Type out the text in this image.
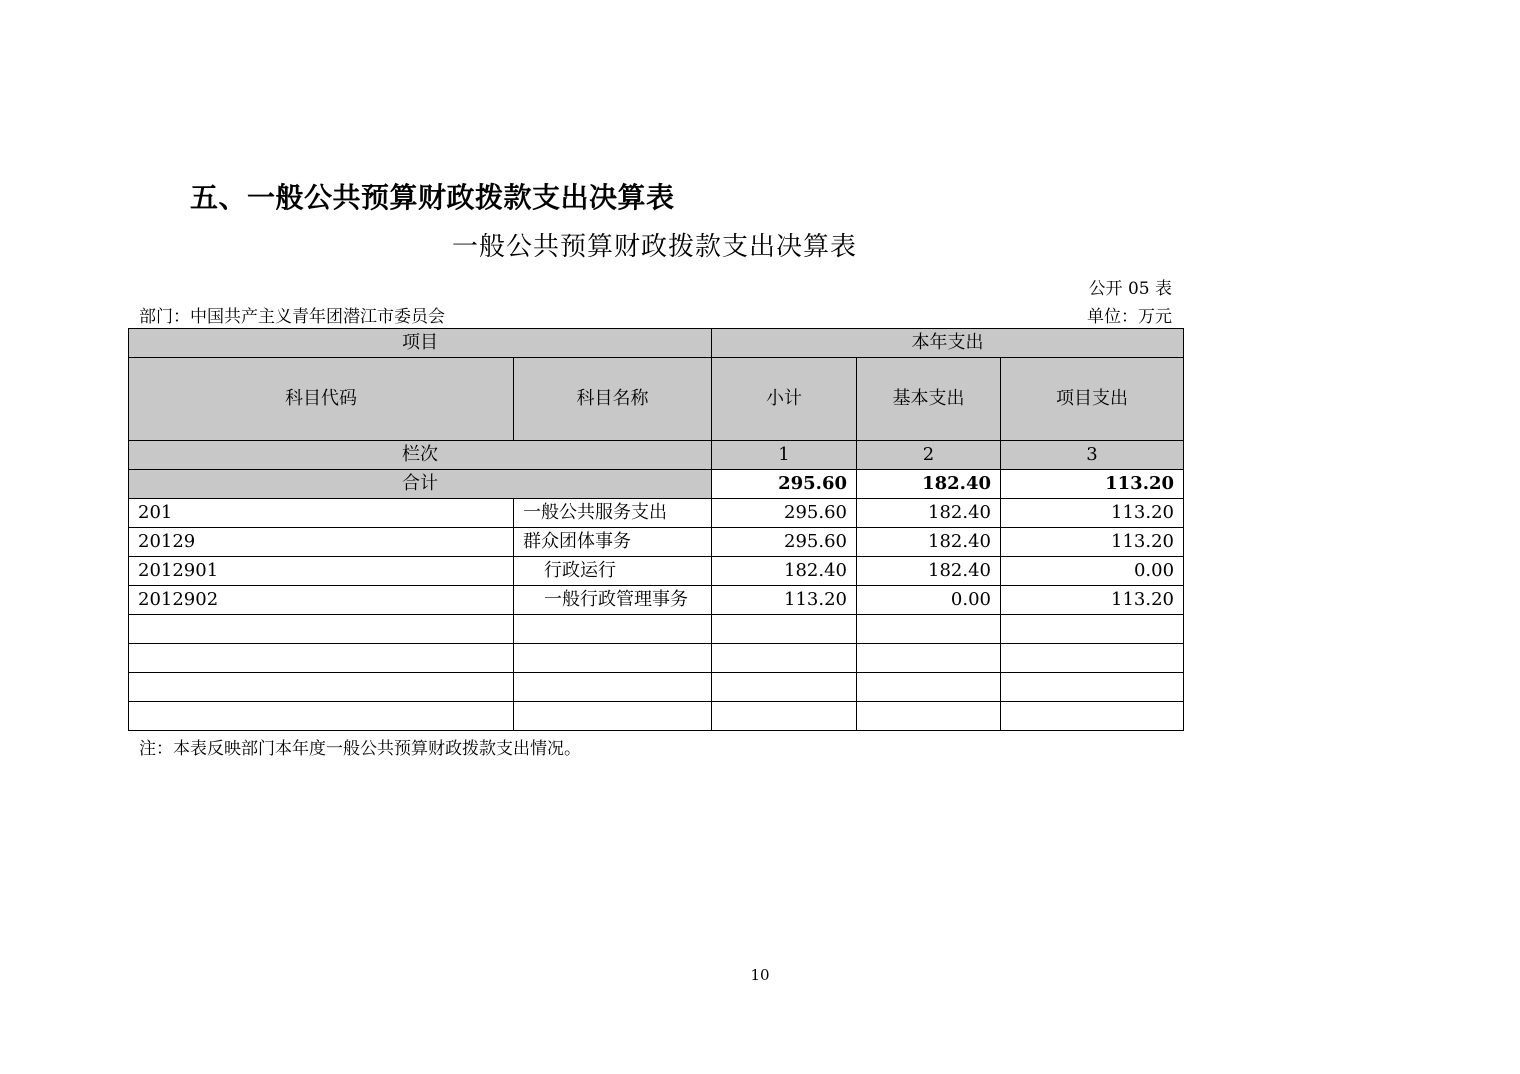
五、一般公共预算财政拨款支出决算表
一般公共预算财政拨款支出决算表
公开 05 表
部门：中国共产主义青年团潜江市委员会	单位：万元
项目		本年支出		
科目代码	科目名称	小计	基本支出	项目支出
栏次		1	2	3
合计		295.60	182.40	113.20
201	一般公共服务支出	295.60	182.40	113.20
20129	群众团体事务	295.60	182.40	113.20
2012901	行政运行	182.40	182.40	0.00
2012902	一般行政管理事务	113.20	0.00	113.20

注：本表反映部门本年度一般公共预算财政拨款支出情况。
10
